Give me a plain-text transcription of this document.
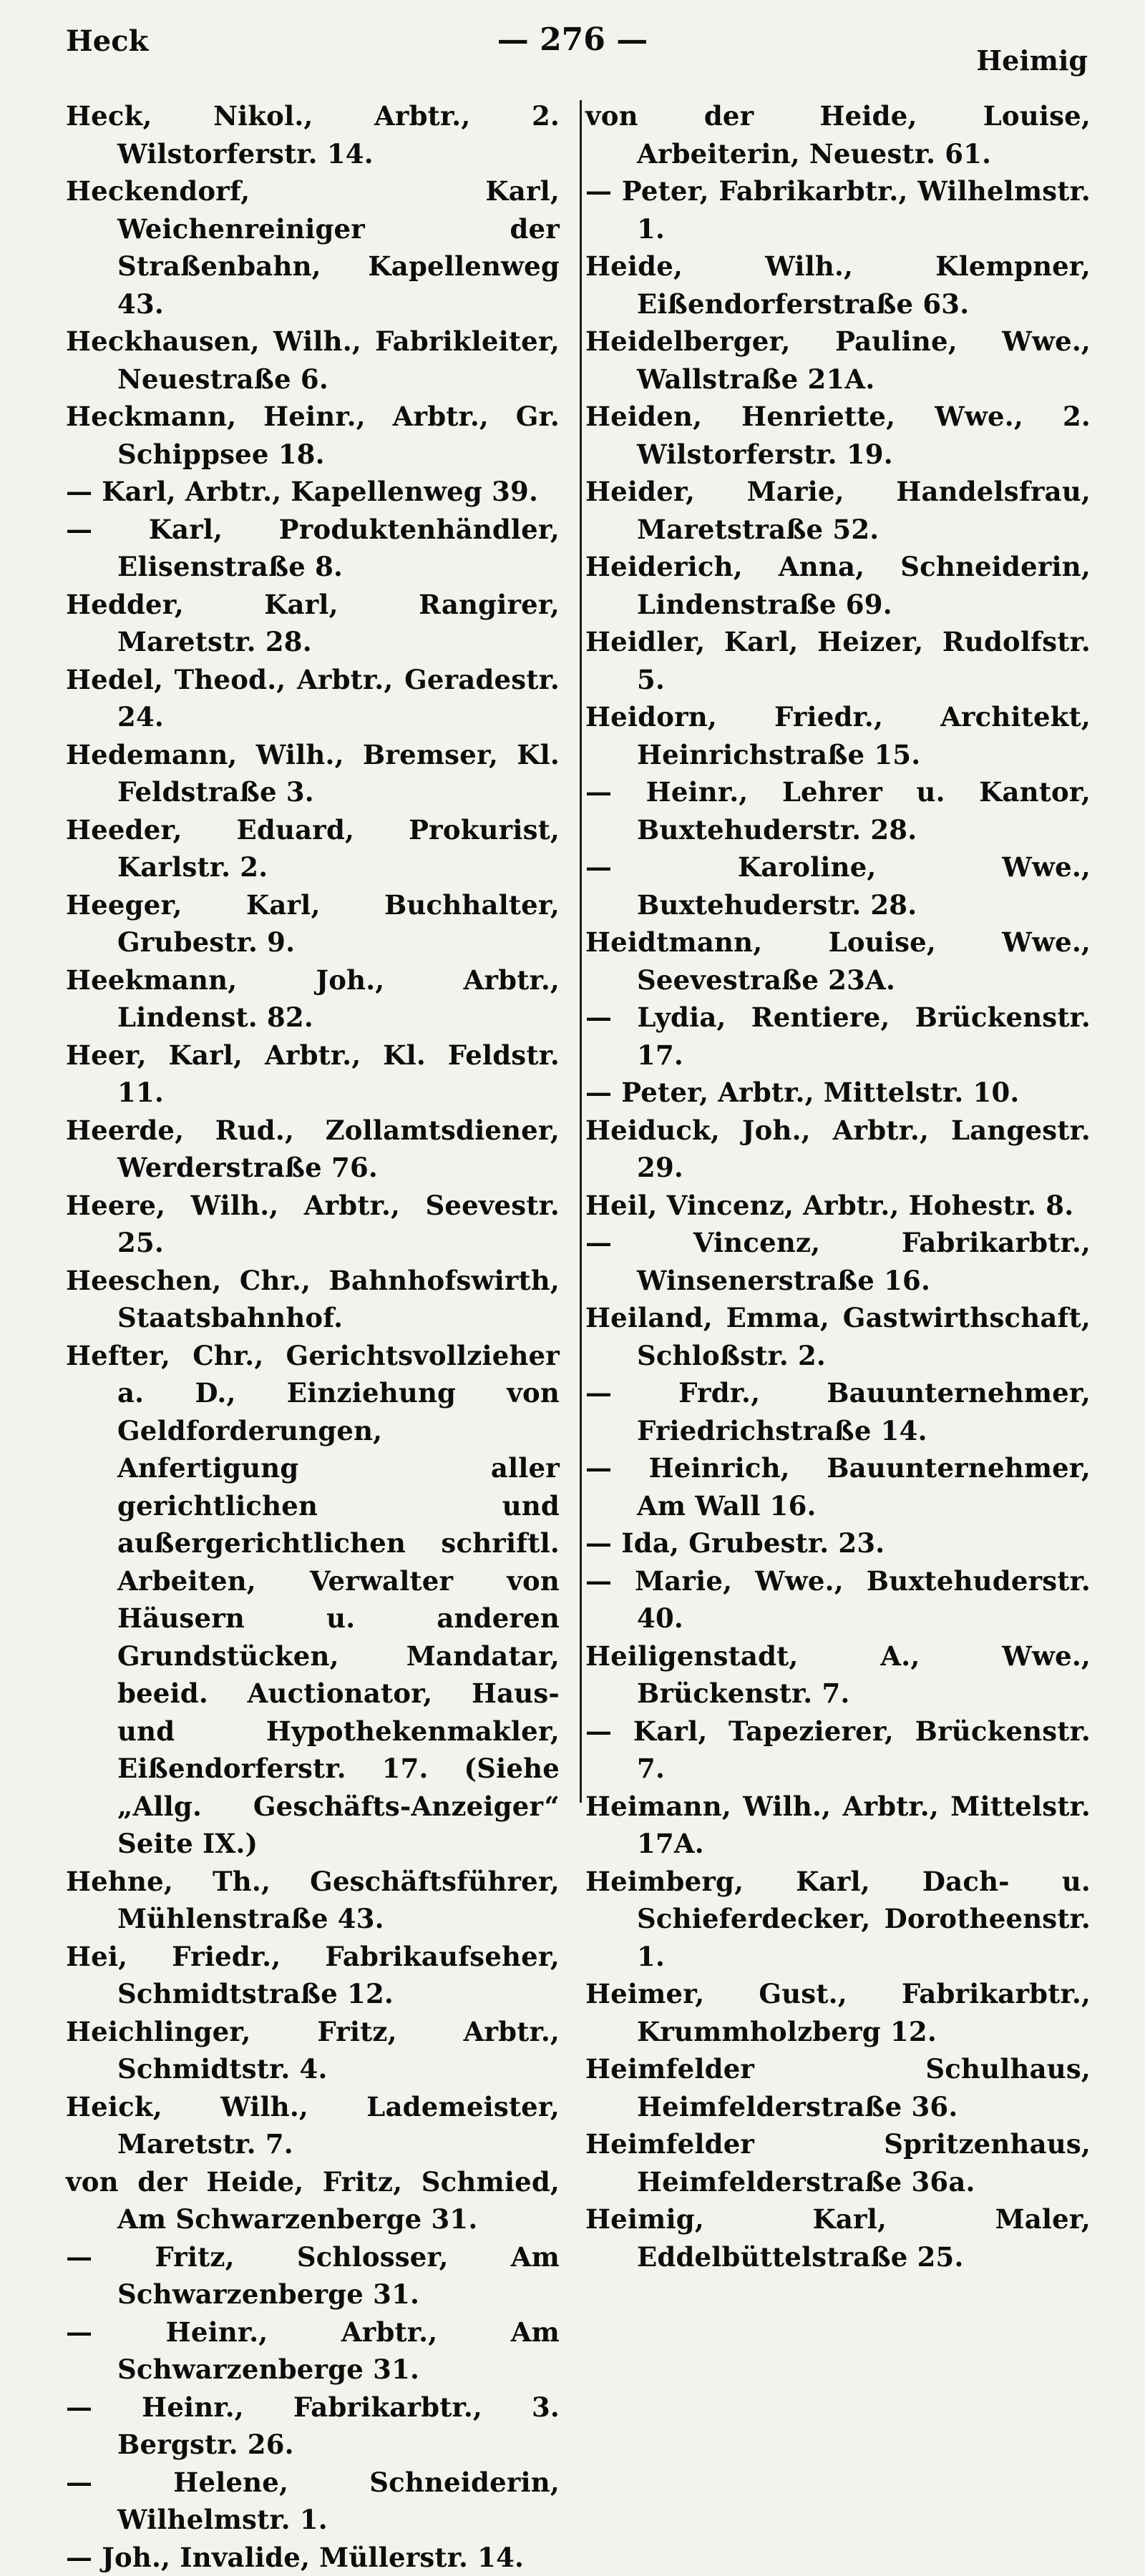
Heck	— 276 —
Heimig
Heck, Nikol., Arbtr., 2. Wilstorferstr. 14.
Heckendorf, Karl, Weichenreiniger der Straßenbahn, Kapellenweg 43.
Heckhausen, Wilh., Fabrikleiter, Neuestraße 6.
Heckmann, Heinr., Arbtr., Gr. Schippsee 18.
— Karl, Arbtr., Kapellenweg 39.
— Karl, Produktenhändler, Elisenstraße 8.
Hedder, Karl, Rangirer, Maretstr. 28.
Hedel, Theod., Arbtr., Geradestr. 24.
Hedemann, Wilh., Bremser, Kl. Feldstraße 3.
Heeder, Eduard, Prokurist, Karlstr. 2.
Heeger, Karl, Buchhalter, Grubestr. 9.
Heekmann, Joh., Arbtr., Lindenst. 82.
Heer, Karl, Arbtr., Kl. Feldstr. 11.
Heerde, Rud., Zollamtsdiener, Werderstraße 76.
Heere, Wilh., Arbtr., Seevestr. 25.
Heeschen, Chr., Bahnhofswirth, Staatsbahnhof.
Hefter, Chr., Gerichtsvollzieher a. D., Einziehung von Geldforderungen, Anfertigung aller gerichtlichen und außergerichtlichen schriftl. Arbeiten, Verwalter von Häusern u. anderen Grundstücken, Mandatar, beeid. Auctionator, Haus- und Hypothekenmakler, Eißendorferstr. 17. (Siehe „Allg. Geschäfts-Anzeiger“ Seite IX.)
Hehne, Th., Geschäftsführer, Mühlenstraße 43.
Hei, Friedr., Fabrikaufseher, Schmidtstraße 12.
Heichlinger, Fritz, Arbtr., Schmidtstr. 4.
Heick, Wilh., Lademeister, Maretstr. 7.
von der Heide, Fritz, Schmied, Am Schwarzenberge 31.
— Fritz, Schlosser, Am Schwarzenberge 31.
— Heinr., Arbtr., Am Schwarzenberge 31.
— Heinr., Fabrikarbtr., 3. Bergstr. 26.
— Helene, Schneiderin, Wilhelmstr. 1.
— Joh., Invalide, Müllerstr. 14.
von der Heide, Louise, Arbeiterin, Neuestr. 61.
— Peter, Fabrikarbtr., Wilhelmstr. 1.
Heide, Wilh., Klempner, Eißendorferstraße 63.
Heidelberger, Pauline, Wwe., Wallstraße 21A.
Heiden, Henriette, Wwe., 2. Wilstorferstr. 19.
Heider, Marie, Handelsfrau, Maretstraße 52.
Heiderich, Anna, Schneiderin, Lindenstraße 69.
Heidler, Karl, Heizer, Rudolfstr. 5.
Heidorn, Friedr., Architekt, Heinrichstraße 15.
— Heinr., Lehrer u. Kantor, Buxtehuderstr. 28.
— Karoline, Wwe., Buxtehuderstr. 28.
Heidtmann, Louise, Wwe., Seevestraße 23A.
— Lydia, Rentiere, Brückenstr. 17.
— Peter, Arbtr., Mittelstr. 10.
Heiduck, Joh., Arbtr., Langestr. 29.
Heil, Vincenz, Arbtr., Hohestr. 8.
— Vincenz, Fabrikarbtr., Winsenerstraße 16.
Heiland, Emma, Gastwirthschaft, Schloßstr. 2.
— Frdr., Bauunternehmer, Friedrichstraße 14.
— Heinrich, Bauunternehmer, Am Wall 16.
— Ida, Grubestr. 23.
— Marie, Wwe., Buxtehuderstr. 40.
Heiligenstadt, A., Wwe., Brückenstr. 7.
— Karl, Tapezierer, Brückenstr. 7.
Heimann, Wilh., Arbtr., Mittelstr. 17A.
Heimberg, Karl, Dach- u. Schieferdecker, Dorotheenstr. 1.
Heimer, Gust., Fabrikarbtr., Krummholzberg 12.
Heimfelder Schulhaus, Heimfelderstraße 36.
Heimfelder Spritzenhaus, Heimfelderstraße 36a.
Heimig, Karl, Maler, Eddelbüttelstraße 25.
